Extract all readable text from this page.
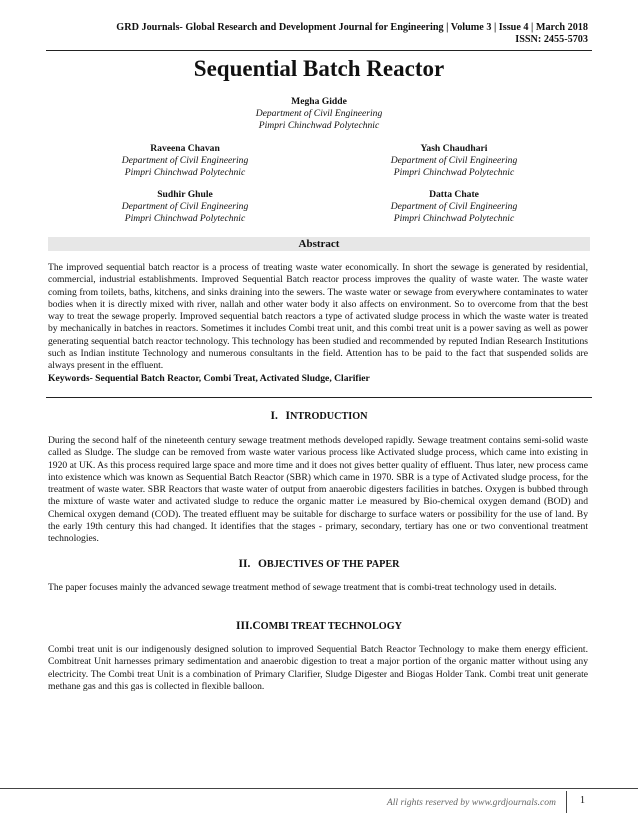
GRD Journals- Global Research and Development Journal for Engineering | Volume 3 | Issue 4 | March 2018
ISSN: 2455-5703
Sequential Batch Reactor
Megha Gidde
Department of Civil Engineering
Pimpri Chinchwad Polytechnic
Raveena Chavan
Department of Civil Engineering
Pimpri Chinchwad Polytechnic
Yash Chaudhari
Department of Civil Engineering
Pimpri Chinchwad Polytechnic
Sudhir Ghule
Department of Civil Engineering
Pimpri Chinchwad Polytechnic
Datta Chate
Department of Civil Engineering
Pimpri Chinchwad Polytechnic
Abstract
The improved sequential batch reactor is a process of treating waste water economically. In short the sewage is generated by residential, commercial, industrial establishments. Improved Sequential Batch reactor process improves the quality of waste water. The waste water coming from toilets, baths, kitchens, and sinks draining into the sewers. The waste water or sewage from everywhere contaminates to water bodies when it is directly mixed with river, nallah and other water body it also affects on environment. So to overcome from that the best way to treat the sewage properly. Improved sequential batch reactors a type of activated sludge process in which the waste water is treated by mechanically in batches in reactors. Sometimes it includes Combi treat unit, and this combi treat unit is a power saving as well as power generating sequential batch reactor technology. This technology has been studied and recommended by reputed Indian Research Institutions such as Indian institute Technology and numerous consultants in the field. Attention has to be paid to the fact that suspended solids are always present in the effluent.
Keywords- Sequential Batch Reactor, Combi Treat, Activated Sludge, Clarifier
I. INTRODUCTION
During the second half of the nineteenth century sewage treatment methods developed rapidly. Sewage treatment contains semi-solid waste called as Sludge. The sludge can be removed from waste water various process like Activated sludge process, which came into existing in 1920 at UK. As this process required large space and more time and it does not gives better quality of effluent. Thus later, new process came into existence which was known as Sequential Batch Reactor (SBR) which came in 1970. SBR is a type of Activated sludge process, for the treatment of waste water. SBR Reactors that waste water of output from anaerobic digesters facilities in batches. Oxygen is bubbed through the mixture of waste water and activated sludge to reduce the organic matter i.e measured by Bio-chemical oxygen demand (BOD) and Chemical oxygen demand (COD). The treated effluent may be suitable for discharge to surface waters or possibility for the use of land. By the early 19th century this had changed. It identifies that the stages - primary, secondary, tertiary has one or two conventional treatment technologies.
II. OBJECTIVES OF THE PAPER
The paper focuses mainly the advanced sewage treatment method of sewage treatment that is combi-treat technology used in details.
III.COMBI TREAT TECHNOLOGY
Combi treat unit is our indigenously designed solution to improved Sequential Batch Reactor Technology to make them energy efficient. Combitreat Unit harnesses primary sedimentation and anaerobic digestion to treat a major portion of the organic matter without using any electricity. The Combi treat Unit is a combination of Primary Clarifier, Sludge Digester and Biogas Holder Tank. Combi treat unit generate methane gas and this gas is collected in flexible balloon.
All rights reserved by www.grdjournals.com 1
